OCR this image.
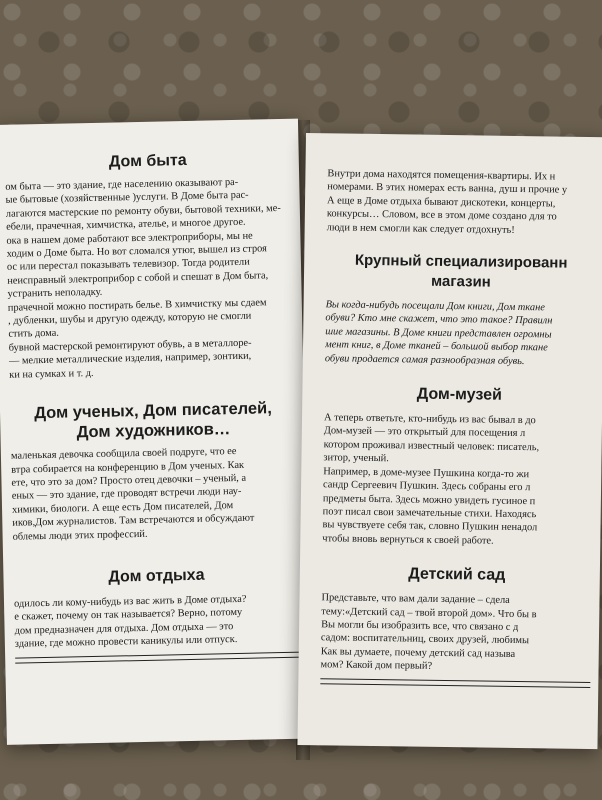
Дом быта
ом быта — это здание, где населению оказывают ра-
ые бытовые (хозяйственные )услуги. В Доме быта рас-
лагаются мастерские по ремонту обуви, бытовой техники, ме-
ебели, прачечная, химчистка, ателье, и многое другое.
ока в нашем доме работают все электроприборы, мы не
ходим о Доме быта. Но вот сломался утюг, вышел из строя
ос или перестал показывать телевизор. Тогда родители
неисправный электроприбор с собой и спешат в Дом быта,
устранить неполадку.
прачечной можно постирать белье. В химчистку мы сдаем
, дубленки, шубы и другую одежду, которую не смогли
стить дома.
бувной мастерской ремонтируют обувь, а в металлоре-
— мелкие металлические изделия, например, зонтики,
ки на сумках и т. д.
Дом ученых, Дом писателей,
Дом художников…
маленькая девочка сообщила своей подруге, что ее
втра собирается на конференцию в Дом ученых. Как
ете, что это за дом? Просто отец девочки – ученый, а
еных — это здание, где проводят встречи люди нау-
химики, биологи. А еще есть Дом писателей, Дом
иков,Дом журналистов. Там встречаются и обсуждают
облемы люди этих профессий.
Дом отдыха
одилось ли кому-нибудь из вас жить в Доме отдыха?
е скажет, почему он так называется? Верно, потому
дом предназначен для отдыха. Дом отдыха — это
здание, где можно провести каникулы или отпуск.
Внутри дома находятся помещения-квартиры. Их н
номерами. В этих номерах есть ванна, душ и прочие у
А еще в Доме отдыха бывают дискотеки, концерты,
конкурсы… Словом, все в этом доме создано для то
люди в нем смогли как следует отдохнуть!
Крупный специализированн
магазин
Вы когда-нибудь посещали Дом книги, Дом ткане
обуви? Кто мне скажет, что это такое? Правилн
шие магазины. В Доме книги представлен огромны
мент книг, в Доме тканей – большой выбор ткане
обуви продается самая разнообразная обувь.
Дом-музей
А теперь ответьте, кто-нибудь из вас бывал в до
Дом-музей — это открытый для посещения л
котором проживал известный человек: писатель,
зитор, ученый.
Например, в доме-музее Пушкина когда-то жи
сандр Сергеевич Пушкин. Здесь собраны его л
предметы быта. Здесь можно увидеть гусиное п
поэт писал свои замечательные стихи. Находясь
вы чувствуете себя так, словно Пушкин ненадол
чтобы вновь вернуться к своей работе.
Детский сад
Представьте, что вам дали задание – сдела
тему:«Детский сад – твой второй дом». Что бы в
Вы могли бы изобразить все, что связано с д
садом: воспитательниц, своих друзей, любимы
Как вы думаете, почему детский сад называ
мом? Какой дом первый?
